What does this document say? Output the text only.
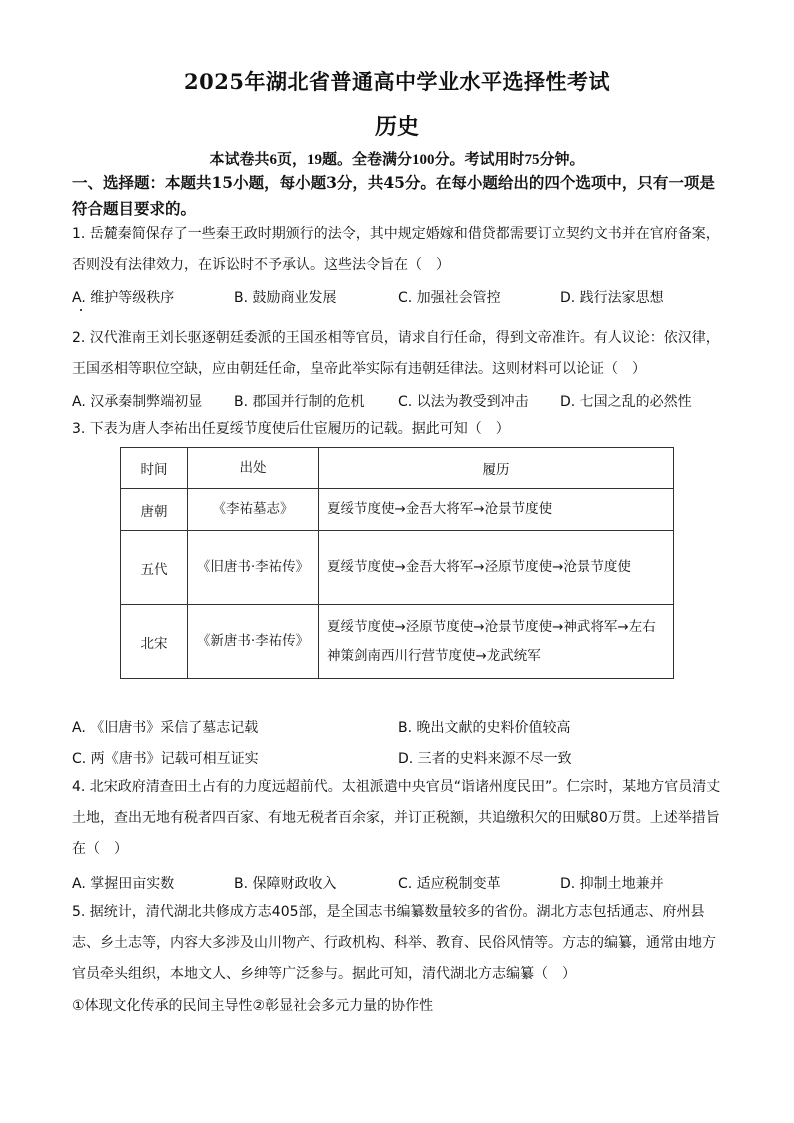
2025年湖北省普通高中学业水平选择性考试
历史
本试卷共6页，19题。全卷满分100分。考试用时75分钟。
一、选择题：本题共15小题，每小题3分，共45分。在每小题给出的四个选项中，只有一项是符合题目要求的。
1. 岳麓秦简保存了一些秦王政时期颁行的法令，其中规定婚嫁和借贷都需要订立契约文书并在官府备案，否则没有法律效力，在诉讼时不予承认。这些法令旨在（　）
A. 维护等级秩序	B. 鼓励商业发展	C. 加强社会管控	D. 践行法家思想
2. 汉代淮南王刘长驱逐朝廷委派的王国丞相等官员，请求自行任命，得到文帝准许。有人议论：依汉律，王国丞相等职位空缺，应由朝廷任命，皇帝此举实际有违朝廷律法。这则材料可以论证（　）
A. 汉承秦制弊端初显 B. 郡国并行制的危机 C. 以法为教受到冲击 D. 七国之乱的必然性
3. 下表为唐人李祐出任夏绥节度使后仕宦履历的记载。据此可知（　）
时间	出处	履历
唐朝	《李祐墓志》	夏绥节度使→金吾大将军→沧景节度使
五代	《旧唐书·李祐传》	夏绥节度使→金吾大将军→泾原节度使→沧景节度使
北宋	《新唐书·李祐传》	夏绥节度使→泾原节度使→沧景节度使→神武将军→左右神策剑南西川行营节度使→龙武统军
A. 《旧唐书》采信了墓志记载	B. 晚出文献的史料价值较高
C. 两《唐书》记载可相互证实	D. 三者的史料来源不尽一致
4. 北宋政府清查田土占有的力度远超前代。太祖派遣中央官员“诣诸州度民田”。仁宗时，某地方官员清丈土地，查出无地有税者四百家、有地无税者百余家，并订正税额，共追缴积欠的田赋80万贯。上述举措旨在（　）
A. 掌握田亩实数	B. 保障财政收入	C. 适应税制变革	D. 抑制土地兼并
5. 据统计，清代湖北共修成方志405部，是全国志书编纂数量较多的省份。湖北方志包括通志、府州县志、乡土志等，内容大多涉及山川物产、行政机构、科举、教育、民俗风情等。方志的编纂，通常由地方官员牵头组织，本地文人、乡绅等广泛参与。据此可知，清代湖北方志编纂（　）
①体现文化传承的民间主导性②彰显社会多元力量的协作性
